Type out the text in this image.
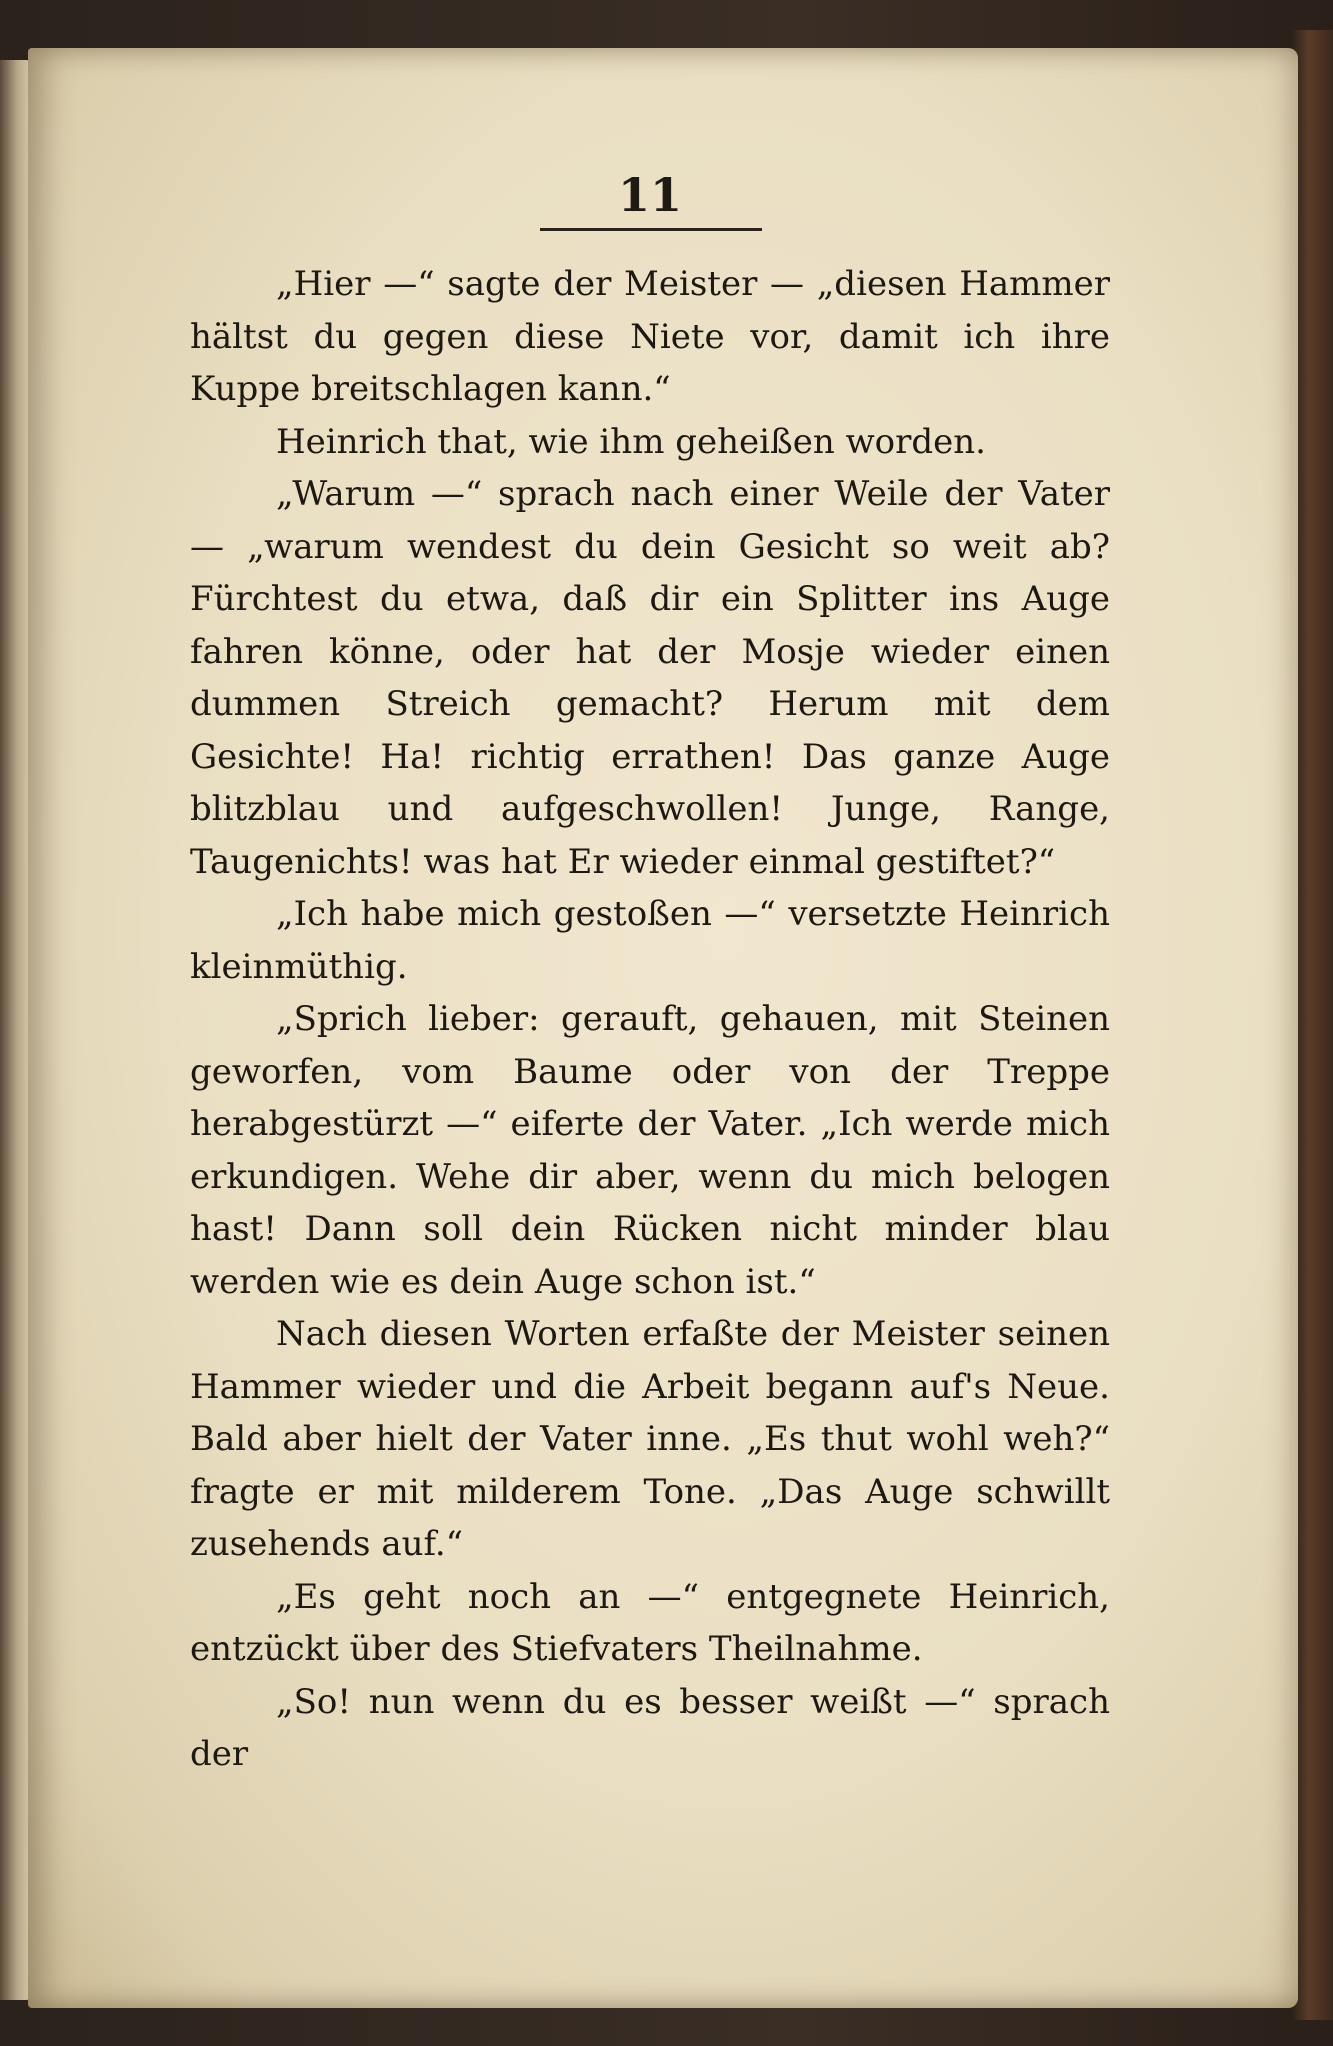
11

„Hier —“ sagte der Meister — „diesen Hammer hältst du gegen diese Niete vor, damit ich ihre Kuppe breitschlagen kann.“

Heinrich that, wie ihm geheißen worden.

„Warum —“ sprach nach einer Weile der Vater — „warum wendest du dein Gesicht so weit ab? Fürchtest du etwa, daß dir ein Splitter ins Auge fahren könne, oder hat der Mosje wieder einen dummen Streich gemacht? Herum mit dem Gesichte! Ha! richtig errathen! Das ganze Auge blitzblau und aufgeschwollen! Junge, Range, Taugenichts! was hat Er wieder einmal gestiftet?“

„Ich habe mich gestoßen —“ versetzte Heinrich kleinmüthig.

„Sprich lieber: gerauft, gehauen, mit Steinen geworfen, vom Baume oder von der Treppe herabgestürzt —“ eiferte der Vater. „Ich werde mich erkundigen. Wehe dir aber, wenn du mich belogen hast! Dann soll dein Rücken nicht minder blau werden wie es dein Auge schon ist.“

Nach diesen Worten erfaßte der Meister seinen Hammer wieder und die Arbeit begann auf's Neue. Bald aber hielt der Vater inne. „Es thut wohl weh?“ fragte er mit milderem Tone. „Das Auge schwillt zusehends auf.“

„Es geht noch an —“ entgegnete Heinrich, entzückt über des Stiefvaters Theilnahme.

„So! nun wenn du es besser weißt —“ sprach der
